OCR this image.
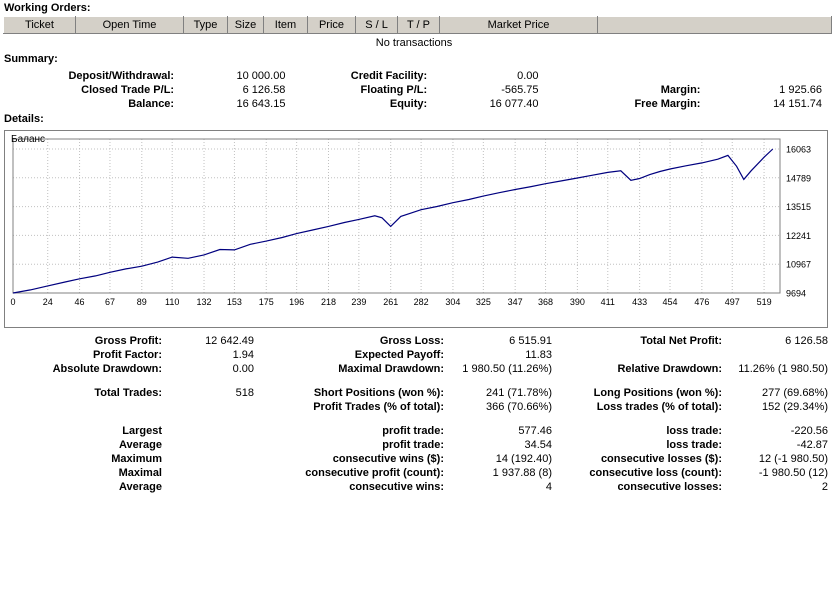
Working Orders:
Ticket	Open Time	Type	Size	Item	Price	S / L	T / P	Market Price	
No transactions
Summary:
Deposit/Withdrawal:	10 000.00	Credit Facility:	0.00		
Closed Trade P/L:	6 126.58	Floating P/L:	-565.75	Margin:	1 925.66
Balance:	16 643.15	Equity:	16 077.40	Free Margin:	14 151.74
Details:
Баланс
9694
10967
12241
13515
14789
16063
0	24 46 67 89 110 132 153 175 196 218 239 261 282 304 325 347 368 390 411 433 454 476 497 519
Gross Profit:	12 642.49	Gross Loss:	6 515.91	Total Net Profit:	6 126.58
Profit Factor:	1.94	Expected Payoff:	11.83		
Absolute Drawdown:	0.00	Maximal Drawdown:	1 980.50 (11.26%)	Relative Drawdown:	11.26% (1 980.50)

Total Trades:	518	Short Positions (won %):	241 (71.78%)	Long Positions (won %):	277 (69.68%)
		Profit Trades (% of total):	366 (70.66%)	Loss trades (% of total):	152 (29.34%)

Largest		profit trade:	577.46	loss trade:	-220.56
Average		profit trade:	34.54	loss trade:	-42.87
Maximum		consecutive wins ($):	14 (192.40)	consecutive losses ($):	12 (-1 980.50)
Maximal		consecutive profit (count):	1 937.88 (8)	consecutive loss (count):	-1 980.50 (12)
Average		consecutive wins:	4	consecutive losses:	2
